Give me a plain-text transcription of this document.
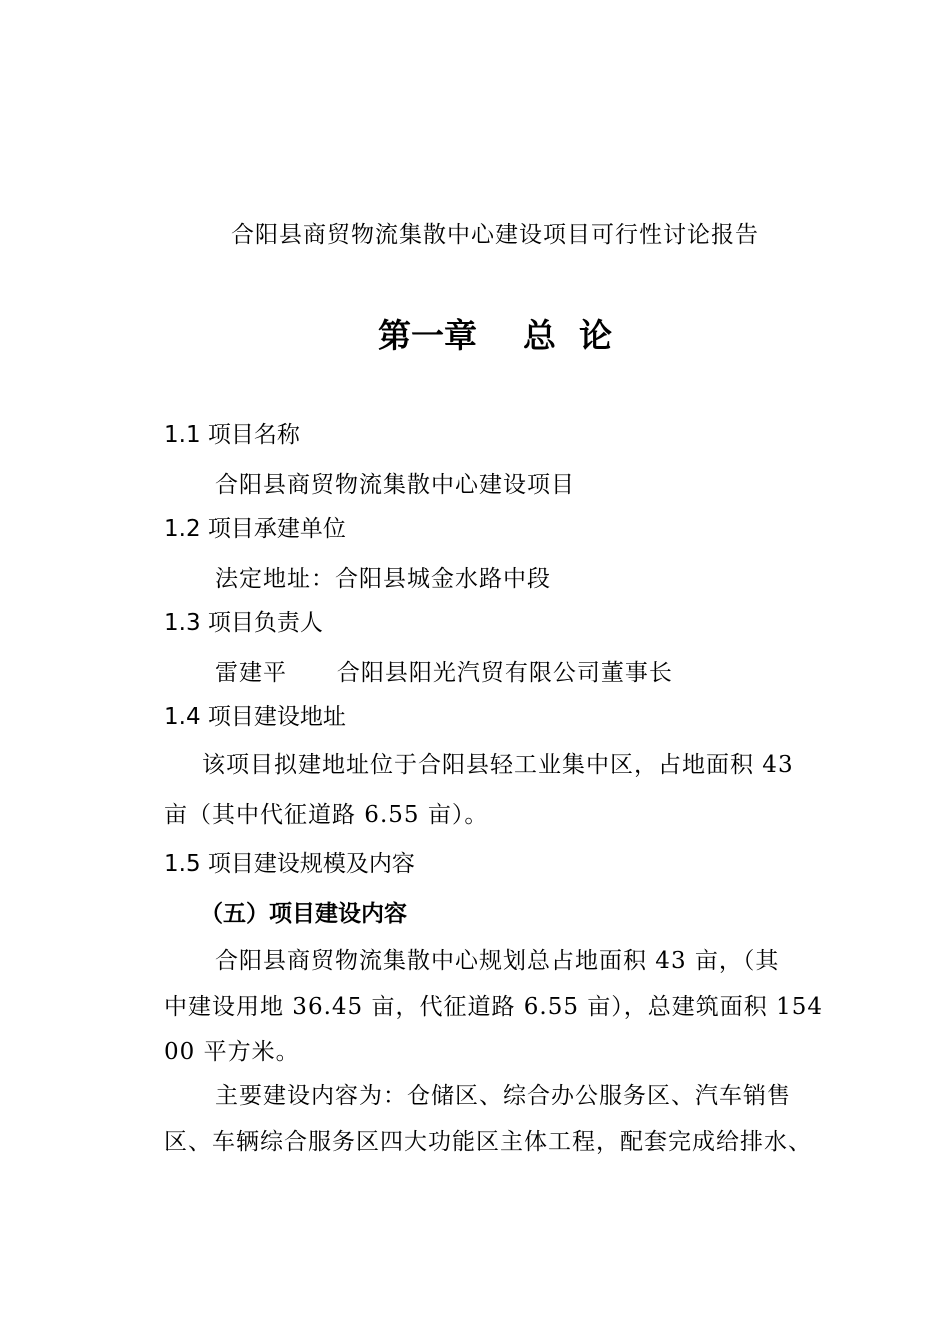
合阳县商贸物流集散中心建设项目可行性讨论报告
第一章    总  论
1.1 项目名称
合阳县商贸物流集散中心建设项目
1.2 项目承建单位
法定地址：合阳县城金水路中段
1.3 项目负责人
雷建平      合阳县阳光汽贸有限公司董事长
1.4 项目建设地址
该项目拟建地址位于合阳县轻工业集中区，占地面积 43
亩（其中代征道路 6.55 亩）。
1.5 项目建设规模及内容
（五）项目建设内容
合阳县商贸物流集散中心规划总占地面积 43 亩，（其
中建设用地 36.45 亩，代征道路 6.55 亩），总建筑面积 154
00 平方米。
主要建设内容为：仓储区、综合办公服务区、汽车销售
区、车辆综合服务区四大功能区主体工程，配套完成给排水、
